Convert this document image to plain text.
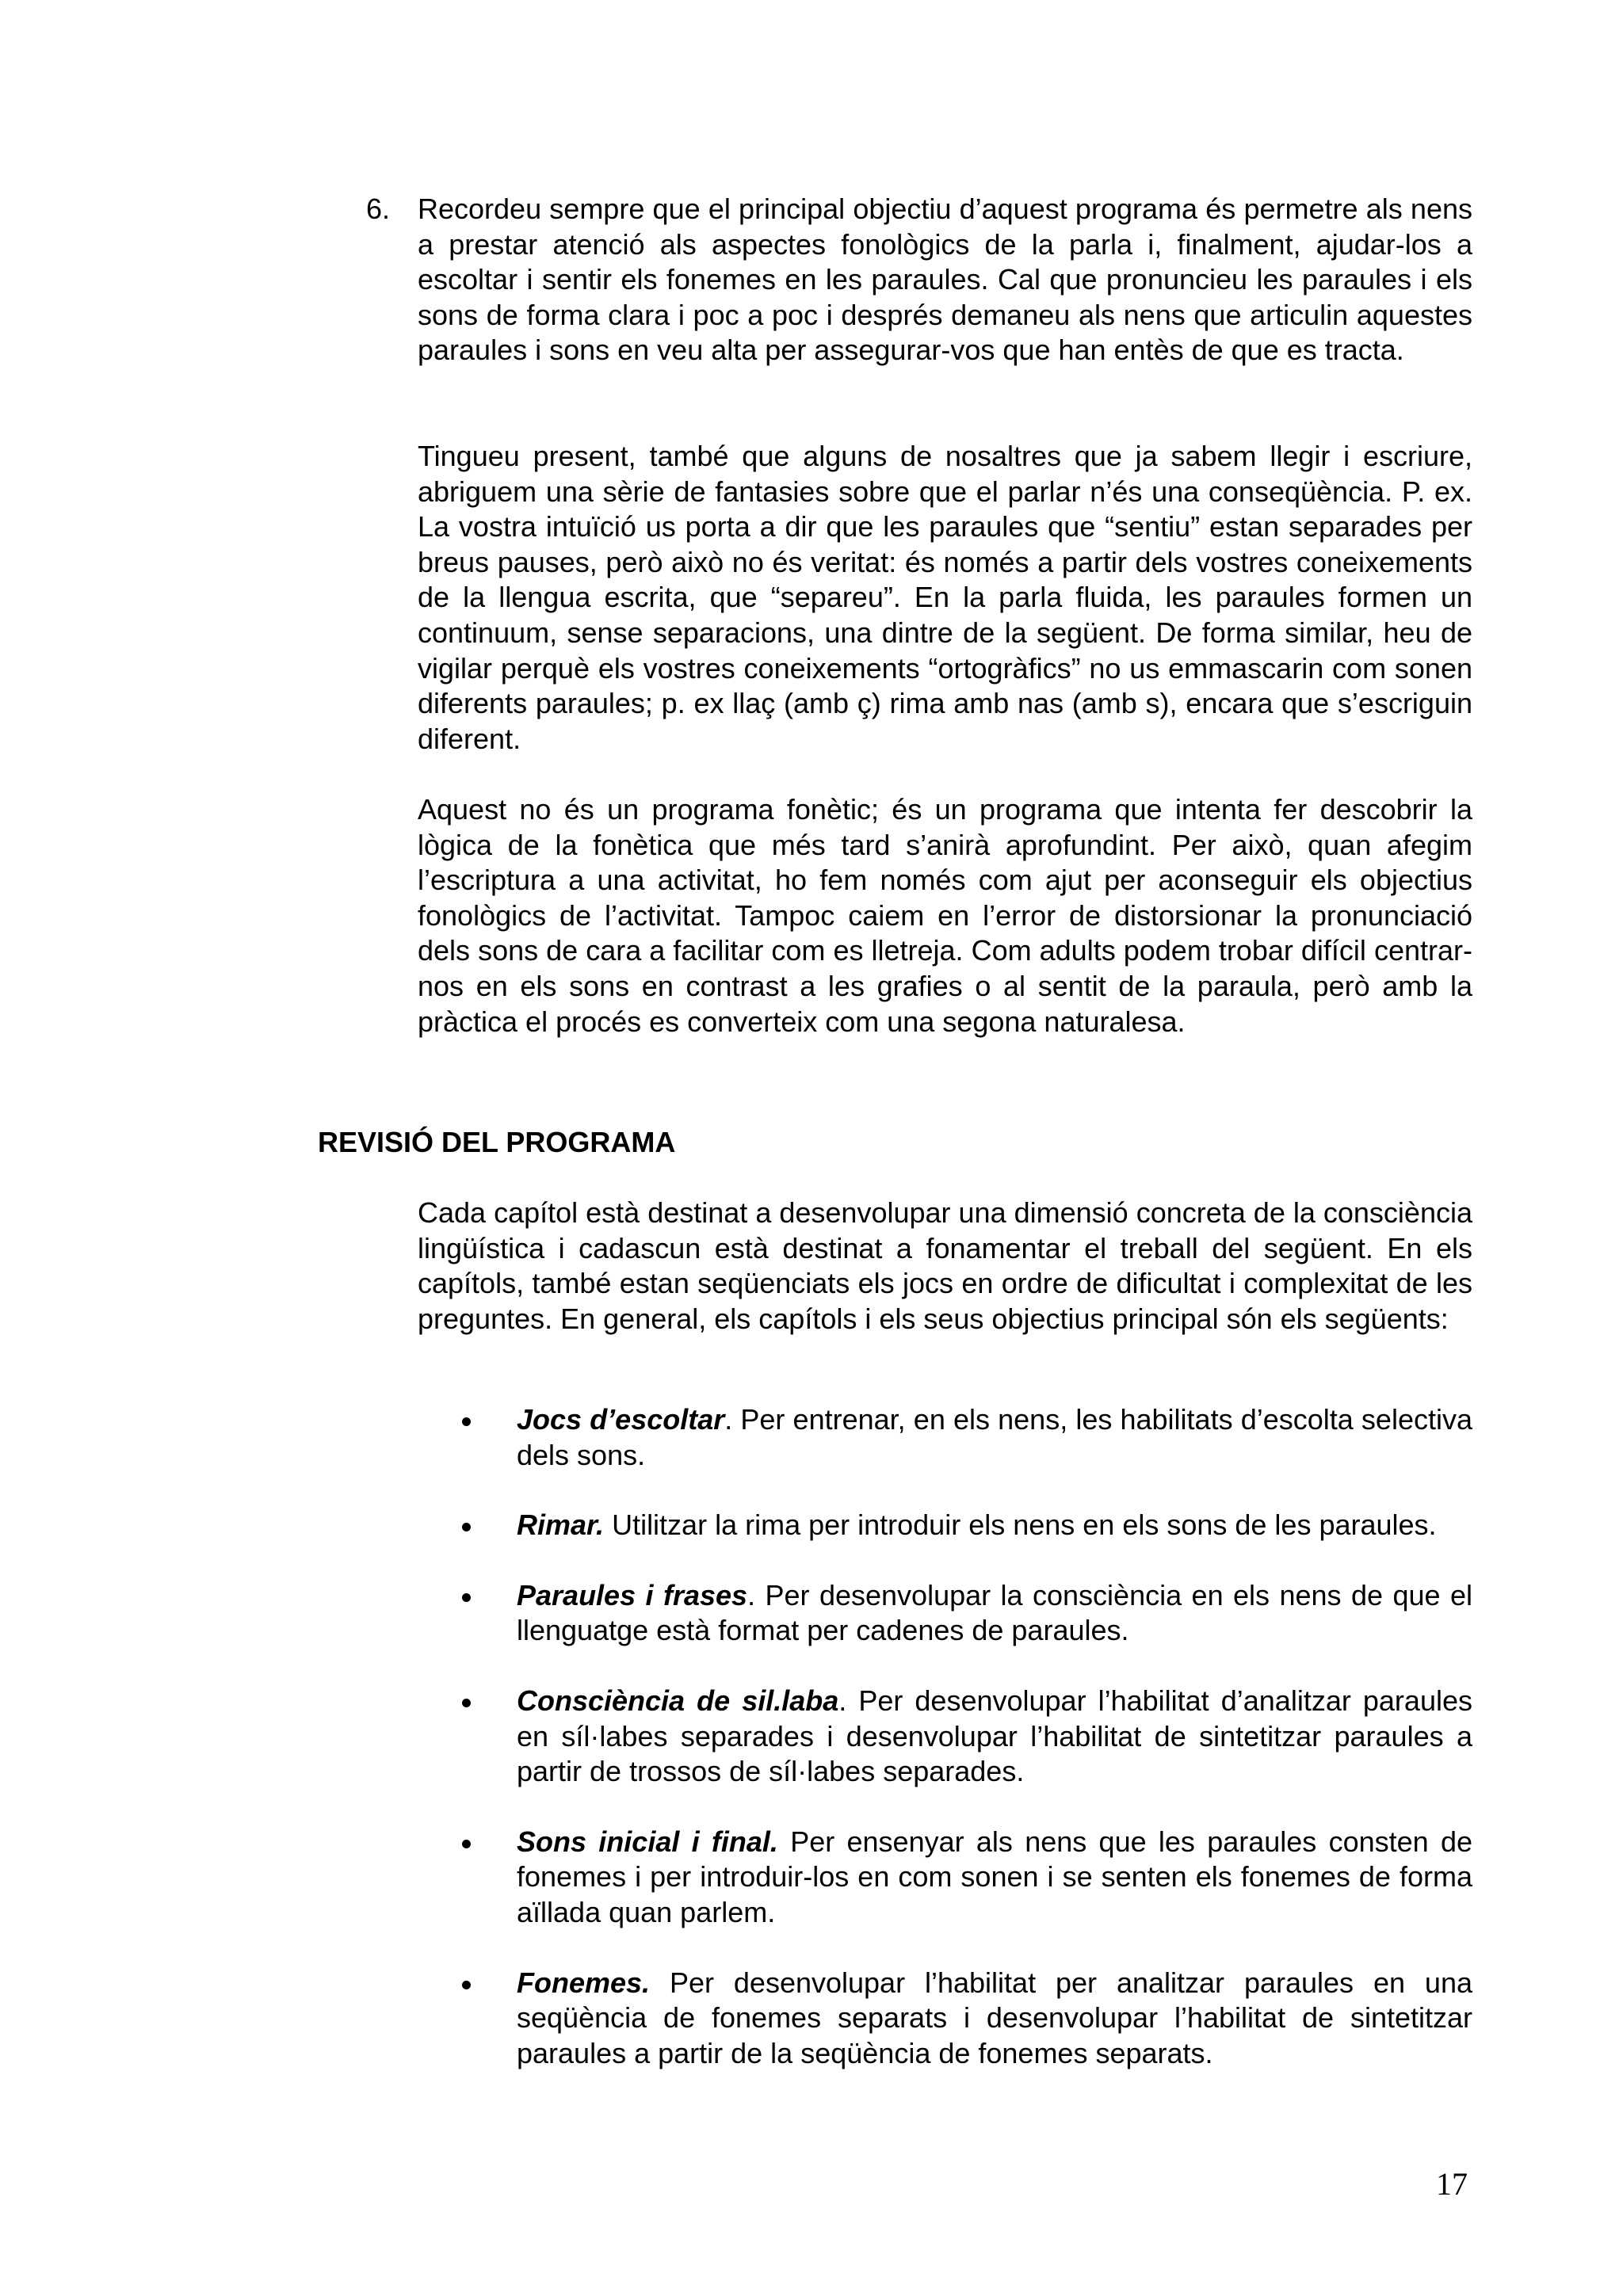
6. Recordeu sempre que el principal objectiu d’aquest programa és permetre als nens a prestar atenció als aspectes fonològics de la parla i, finalment, ajudar-los a escoltar i sentir els fonemes en les paraules. Cal que pronuncieu les paraules i els sons de forma clara i poc a poc i després demaneu als nens que articulin aquestes paraules i sons en veu alta per assegurar-vos que han entès de que es tracta.

Tingueu present, també que alguns de nosaltres que ja sabem llegir i escriure, abriguem una sèrie de fantasies sobre que el parlar n’és una conseqüència. P. ex. La vostra intuïció us porta a dir que les paraules que “sentiu” estan separades per breus pauses, però això no és veritat: és només a partir dels vostres coneixements de la llengua escrita, que “separeu”. En la parla fluida, les paraules formen un continuum, sense separacions, una dintre de la següent. De forma similar, heu de vigilar perquè els vostres coneixements “ortogràfics” no us emmascarin com sonen diferents paraules; p. ex llaç (amb ç) rima amb nas (amb s), encara que s’escriguin diferent.

Aquest no és un programa fonètic; és un programa que intenta fer descobrir la lògica de la fonètica que més tard s’anirà aprofundint. Per això, quan afegim l’escriptura a una activitat, ho fem només com ajut per aconseguir els objectius fonològics de l’activitat. Tampoc caiem en l’error de distorsionar la pronunciació dels sons de cara a facilitar com es lletreja. Com adults podem trobar difícil centrar-nos en els sons en contrast a les grafies o al sentit de la paraula, però amb la pràctica el procés es converteix com una segona naturalesa.

REVISIÓ DEL PROGRAMA

Cada capítol està destinat a desenvolupar una dimensió concreta de la consciència lingüística i cadascun està destinat a fonamentar el treball del següent. En els capítols, també estan seqüenciats els jocs en ordre de dificultat i complexitat de les preguntes. En general, els capítols i els seus objectius principal són els següents:

Jocs d’escoltar. Per entrenar, en els nens, les habilitats d’escolta selectiva dels sons.
Rimar. Utilitzar la rima per introduir els nens en els sons de les paraules.
Paraules i frases. Per desenvolupar la consciència en els nens de que el llenguatge està format per cadenes de paraules.
Consciència de sil.laba. Per desenvolupar l’habilitat d’analitzar paraules en síl·labes separades i desenvolupar l’habilitat de sintetitzar paraules a partir de trossos de síl·labes separades.
Sons inicial i final. Per ensenyar als nens que les paraules consten de fonemes i per introduir-los en com sonen i se senten els fonemes de forma aïllada quan parlem.
Fonemes. Per desenvolupar l’habilitat per analitzar paraules en una seqüència de fonemes separats i desenvolupar l’habilitat de sintetitzar paraules a partir de la seqüència de fonemes separats.

17
